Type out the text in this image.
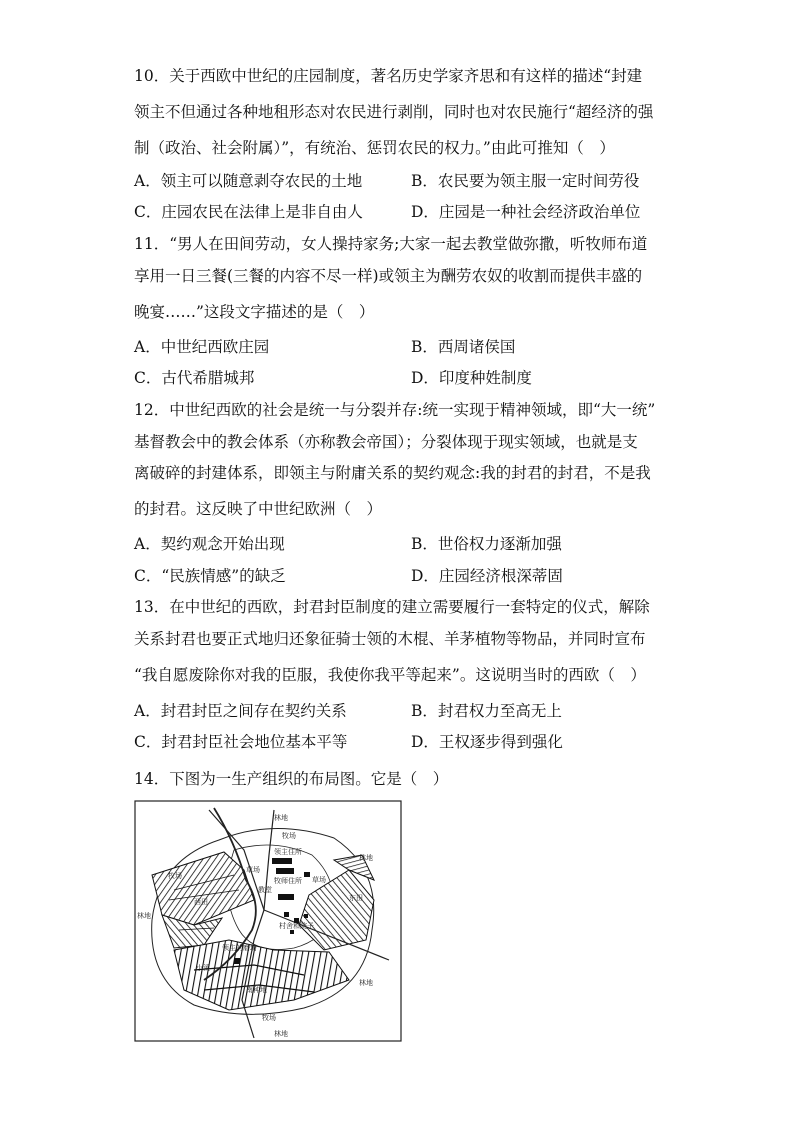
10．关于西欧中世纪的庄园制度，著名历史学家齐思和有这样的描述“封建
领主不但通过各种地租形态对农民进行剥削，同时也对农民施行“超经济的强
制（政治、社会附属）”，有统治、惩罚农民的权力。”由此可推知（　）
A．领主可以随意剥夺农民的土地	B．农民要为领主服一定时间劳役
C．庄园农民在法律上是非自由人	D．庄园是一种社会经济政治单位
11．“男人在田间劳动，女人操持家务;大家一起去教堂做弥撒，听牧师布道
享用一日三餐(三餐的内容不尽一样)或领主为酬劳农奴的收割而提供丰盛的
晚宴……”这段文字描述的是（　）
A．中世纪西欧庄园	B．西周诸侯国
C．古代希腊城邦	D．印度种姓制度
12．中世纪西欧的社会是统一与分裂并存:统一实现于精神领域，即“大一统”
基督教会中的教会体系（亦称教会帝国）；分裂体现于现实领域，也就是支
离破碎的封建体系，即领主与附庸关系的契约观念:我的封君的封君，不是我
的封君。这反映了中世纪欧洲（　）
A．契约观念开始出现	B．世俗权力逐渐加强
C．“民族情感”的缺乏	D．庄园经济根深蒂固
13．在中世纪的西欧，封君封臣制度的建立需要履行一套特定的仪式，解除
关系封君也要正式地归还象征骑士领的木棍、羊茅植物等物品，并同时宣布
“我自愿废除你对我的臣服，我使你我平等起来”。这说明当时的西欧（　）
A．封君封臣之间存在契约关系	B．封君权力至高无上
C．封君封臣社会地位基本平等	D．王权逐步得到强化
14．下图为一生产组织的布局图。它是（　）
林地
牧场
林地
领主住所
牧场
草场
牧师住所 草场
教堂
西田	东田
林地
村舍和院子
领主的磨坊
小溪
南种地
林地
牧场
林地
